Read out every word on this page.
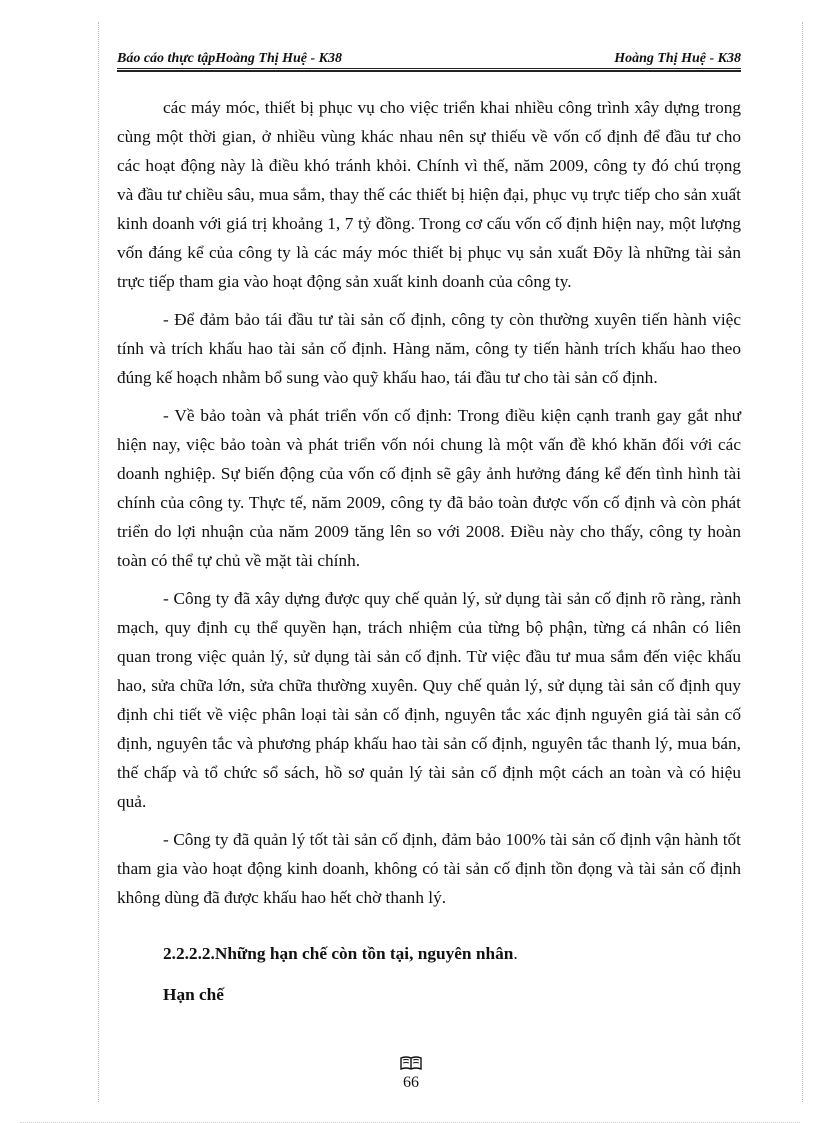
Báo cáo thực tậpHoàng Thị Huệ - K38	Hoàng Thị Huệ - K38

các máy móc, thiết bị phục vụ cho việc triển khai nhiều công trình xây dựng trong cùng một thời gian, ở nhiều vùng khác nhau nên sự thiếu về vốn cố định để đầu tư cho các hoạt động này là điều khó tránh khỏi. Chính vì thế, năm 2009, công ty đó chú trọng và đầu tư chiều sâu, mua sắm, thay thế các thiết bị hiện đại, phục vụ trực tiếp cho sản xuất kinh doanh với giá trị khoảng 1, 7 tỷ đồng. Trong cơ cấu vốn cố định hiện nay, một lượng vốn đáng kể của công ty là các máy móc thiết bị phục vụ sản xuất Đõy là những tài sản trực tiếp tham gia vào hoạt động sản xuất kinh doanh của công ty.

- Để đảm bảo tái đầu tư tài sản cố định, công ty còn thường xuyên tiến hành việc tính và trích khấu hao tài sản cố định. Hàng năm, công ty tiến hành trích khấu hao theo đúng kế hoạch nhằm bổ sung vào quỹ khấu hao, tái đầu tư cho tài sản cố định.

- Về bảo toàn và phát triển vốn cố định: Trong điều kiện cạnh tranh gay gắt như hiện nay, việc bảo toàn và phát triển vốn nói chung là một vấn đề khó khăn đối với các doanh nghiệp. Sự biến động của vốn cố định sẽ gây ảnh hưởng đáng kể đến tình hình tài chính của công ty. Thực tế, năm 2009, công ty đã bảo toàn được vốn cố định và còn phát triển do lợi nhuận của năm 2009 tăng lên so với 2008. Điều này cho thấy, công ty hoàn toàn có thể tự chủ về mặt tài chính.

- Công ty đã xây dựng được quy chế quản lý, sử dụng tài sản cố định rõ ràng, rành mạch, quy định cụ thể quyền hạn, trách nhiệm của từng bộ phận, từng cá nhân có liên quan trong việc quản lý, sử dụng tài sản cố định. Từ việc đầu tư mua sắm đến việc khấu hao, sửa chữa lớn, sửa chữa thường xuyên. Quy chế quản lý, sử dụng tài sản cố định quy định chi tiết về việc phân loại tài sản cố định, nguyên tắc xác định nguyên giá tài sản cố định, nguyên tắc và phương pháp khấu hao tài sản cố định, nguyên tắc thanh lý, mua bán, thế chấp và tổ chức sổ sách, hồ sơ quản lý tài sản cố định một cách an toàn và có hiệu quả.

- Công ty đã quản lý tốt tài sản cố định, đảm bảo 100% tài sản cố định vận hành tốt tham gia vào hoạt động kinh doanh, không có tài sản cố định tồn đọng và tài sản cố định không dùng đã được khấu hao hết chờ thanh lý.

2.2.2.2.Những hạn chế còn tồn tại, nguyên nhân.
Hạn chế
66
